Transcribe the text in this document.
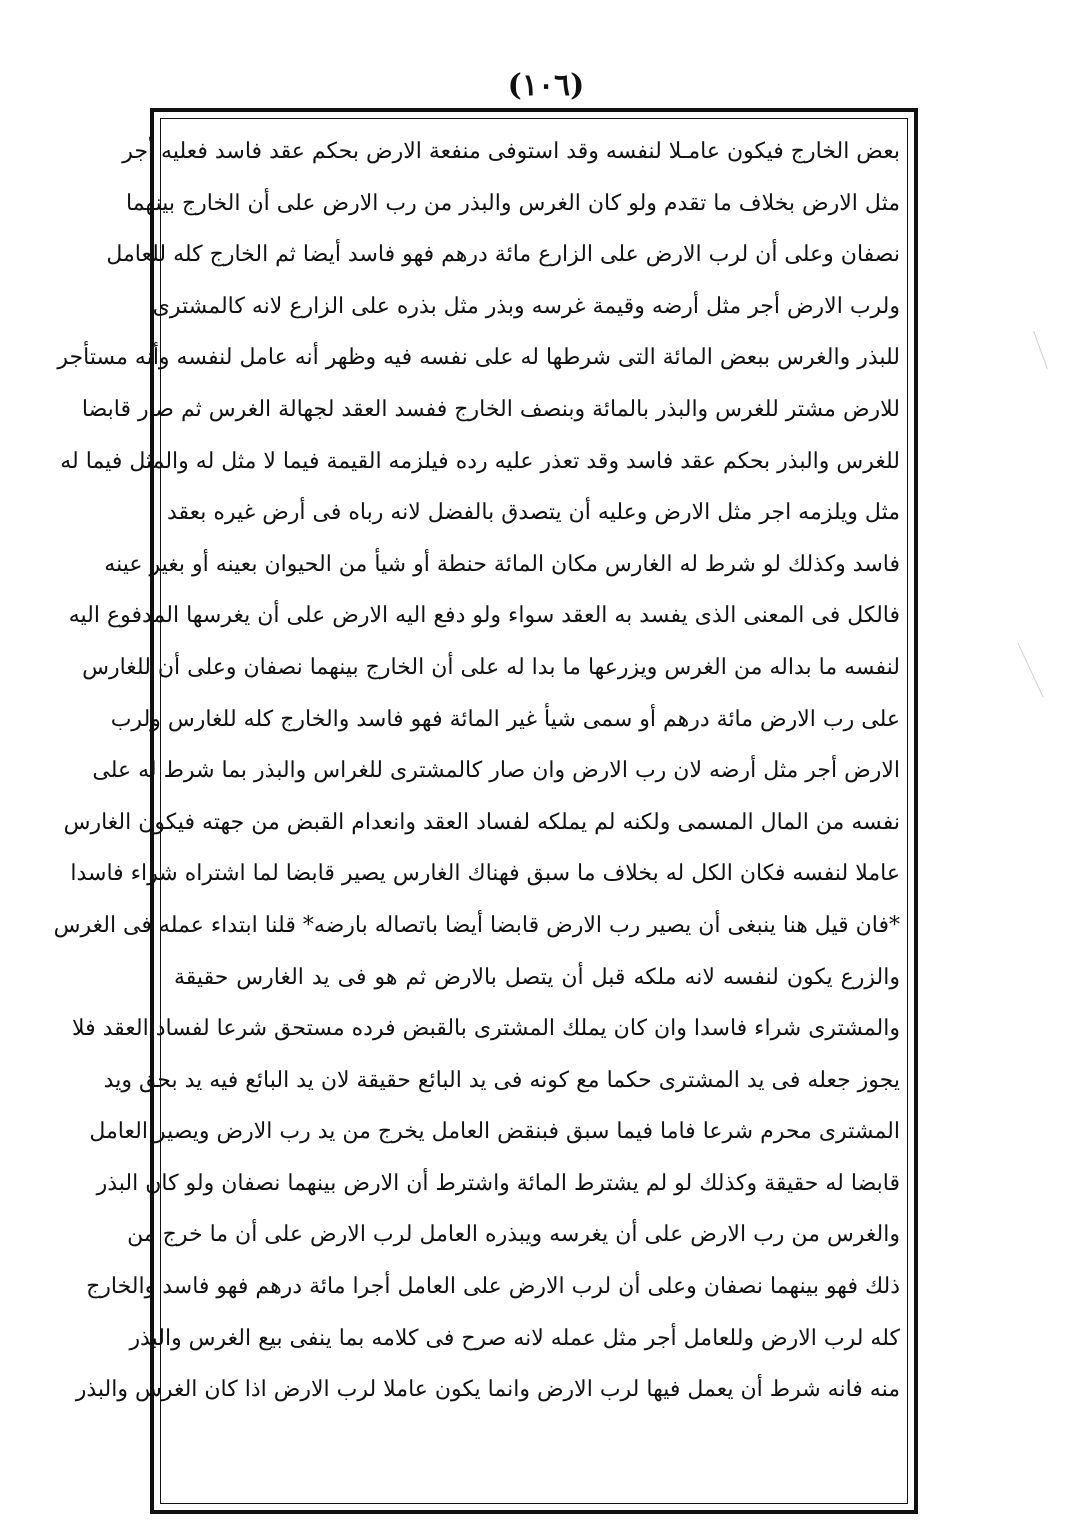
(١٠٦)
بعض الخارج فيكون عامـلا لنفسه وقد استوفى منفعة الارض بحكم عقد فاسد فعليه أجر
مثل الارض بخلاف ما تقدم ولو كان الغرس والبذر من رب الارض على أن الخارج بينهما
نصفان وعلى أن لرب الارض على الزارع مائة درهم فهو فاسد أيضا ثم الخارج كله للعامل
ولرب الارض أجر مثل أرضه وقيمة غرسه وبذر مثل بذره على الزارع لانه كالمشترى
للبذر والغرس ببعض المائة التى شرطها له على نفسه فيه وظهر أنه عامل لنفسه وأنه مستأجر
للارض مشتر للغرس والبذر بالمائة وبنصف الخارج ففسد العقد لجهالة الغرس ثم صار قابضا
للغرس والبذر بحكم عقد فاسد وقد تعذر عليه رده فيلزمه القيمة فيما لا مثل له والمثل فيما له
مثل ويلزمه اجر مثل الارض وعليه أن يتصدق بالفضل لانه رباه فى أرض غيره بعقد
فاسد وكذلك لو شرط له الغارس مكان المائة حنطة أو شيأ من الحيوان بعينه أو بغير عينه
فالكل فى المعنى الذى يفسد به العقد سواء ولو دفع اليه الارض على أن يغرسها المدفوع اليه
لنفسه ما بداله من الغرس ويزرعها ما بدا له على أن الخارج بينهما نصفان وعلى أن للغارس
على رب الارض مائة درهم أو سمى شيأ غير المائة فهو فاسد والخارج كله للغارس ولرب
الارض أجر مثل أرضه لان رب الارض وان صار كالمشترى للغراس والبذر بما شرط له على
نفسه من المال المسمى ولكنه لم يملكه لفساد العقد وانعدام القبض من جهته فيكون الغارس
عاملا لنفسه فكان الكل له بخلاف ما سبق فهناك الغارس يصير قابضا لما اشتراه شراء فاسدا
*فان قيل هنا ينبغى أن يصير رب الارض قابضا أيضا باتصاله بارضه* قلنا ابتداء عمله فى الغرس
والزرع يكون لنفسه لانه ملكه قبل أن يتصل بالارض ثم هو فى يد الغارس حقيقة
والمشترى شراء فاسدا وان كان يملك المشترى بالقبض فرده مستحق شرعا لفساد العقد فلا
يجوز جعله فى يد المشترى حكما مع كونه فى يد البائع حقيقة لان يد البائع فيه يد بحق ويد
المشترى محرم شرعا فاما فيما سبق فبنقض العامل يخرج من يد رب الارض ويصير العامل
قابضا له حقيقة وكذلك لو لم يشترط المائة واشترط أن الارض بينهما نصفان ولو كان البذر
والغرس من رب الارض على أن يغرسه ويبذره العامل لرب الارض على أن ما خرج من
ذلك فهو بينهما نصفان وعلى أن لرب الارض على العامل أجرا مائة درهم فهو فاسد والخارج
كله لرب الارض وللعامل أجر مثل عمله لانه صرح فى كلامه بما ينفى بيع الغرس والبذر
منه فانه شرط أن يعمل فيها لرب الارض وانما يكون عاملا لرب الارض اذا كان الغرس والبذر
